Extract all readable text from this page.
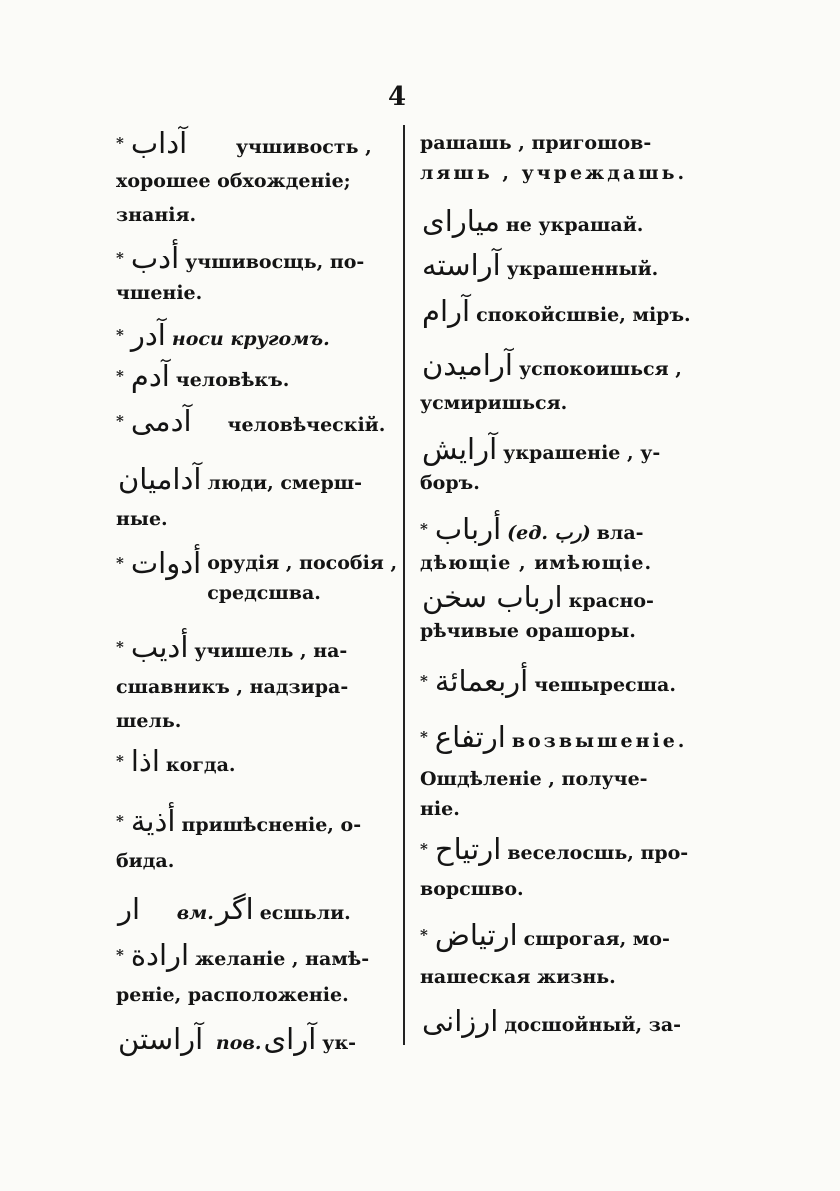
4
* آداب	учшивость ,
хорошее обхожденіе;
знанія.
* أدب учшивосщь, по-
чшеніе.
* آدر носи кругомъ.
* آدم человѣкъ.
* آدمی человѣческій.
آدامیان люди, смерш-
ные.
* أدوات орудія , пособія , средсшва.
* أديب учишель , на-
сшавникъ , надзира-
шель.
* اذا когда.
* أذية пришѣсненіе, о-
бида.
ار вм.اگر есшьли.
* ارادة желаніе , намѣ-
реніе, расположеніе.
آراستن пов.آرای ук-
рашашь , пригошов-
ляшь , учреждашь.
میارای не украшай.
آراسته украшенный.
آرام спокойсшвіе, міръ.
آرامیدن успокоишься ,
усмиришься.
آرایش украшеніе , у-
боръ.
* أرباب (ед. رب) вла-
дѣющіе , имѣющіе.
ارباب سخن красно-
рѣчивые орашоры.
* أربعمائة чешыресша.
* ارتفاع возвышеніе.
Oшдѣленіе , получе-
ніе.
* ارتياح веселосшь, про-
ворсшво.
* ارتياض сшрогая, мо-
нашеская жизнь.
ارزانی досшойный, за-
